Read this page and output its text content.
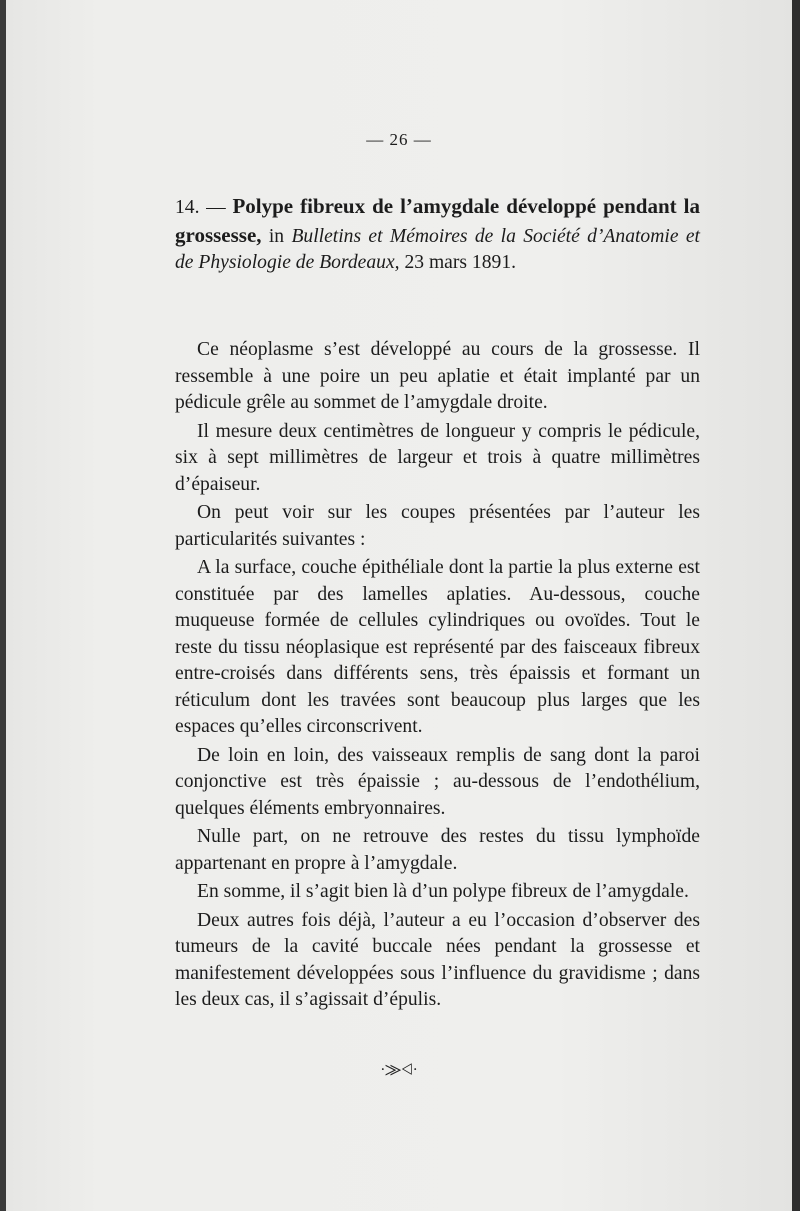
— 26 —
14. — Polype fibreux de l’amygdale développé pendant la grossesse, in Bulletins et Mémoires de la Société d’Anatomie et de Physiologie de Bordeaux, 23 mars 1891.

Ce néoplasme s’est développé au cours de la grossesse. Il ressemble à une poire un peu aplatie et était implanté par un pédicule grêle au sommet de l’amygdale droite.

Il mesure deux centimètres de longueur y compris le pédicule, six à sept millimètres de largeur et trois à quatre millimètres d’épaiseur.

On peut voir sur les coupes présentées par l’auteur les particularités suivantes :

A la surface, couche épithéliale dont la partie la plus externe est constituée par des lamelles aplaties. Au-dessous, couche muqueuse formée de cellules cylindriques ou ovoïdes. Tout le reste du tissu néoplasique est représenté par des faisceaux fibreux entre-croisés dans différents sens, très épaissis et formant un réticulum dont les travées sont beaucoup plus larges que les espaces qu’elles circonscrivent.

De loin en loin, des vaisseaux remplis de sang dont la paroi conjonctive est très épaissie ; au-dessous de l’endothélium, quelques éléments embryonnaires.

Nulle part, on ne retrouve des restes du tissu lymphoïde appartenant en propre à l’amygdale.

En somme, il s’agit bien là d’un polype fibreux de l’amygdale.

Deux autres fois déjà, l’auteur a eu l’occasion d’observer des tumeurs de la cavité buccale nées pendant la grossesse et manifestement développées sous l’influence du gravidisme ; dans les deux cas, il s’agissait d’épulis.

·⨠⨞·
